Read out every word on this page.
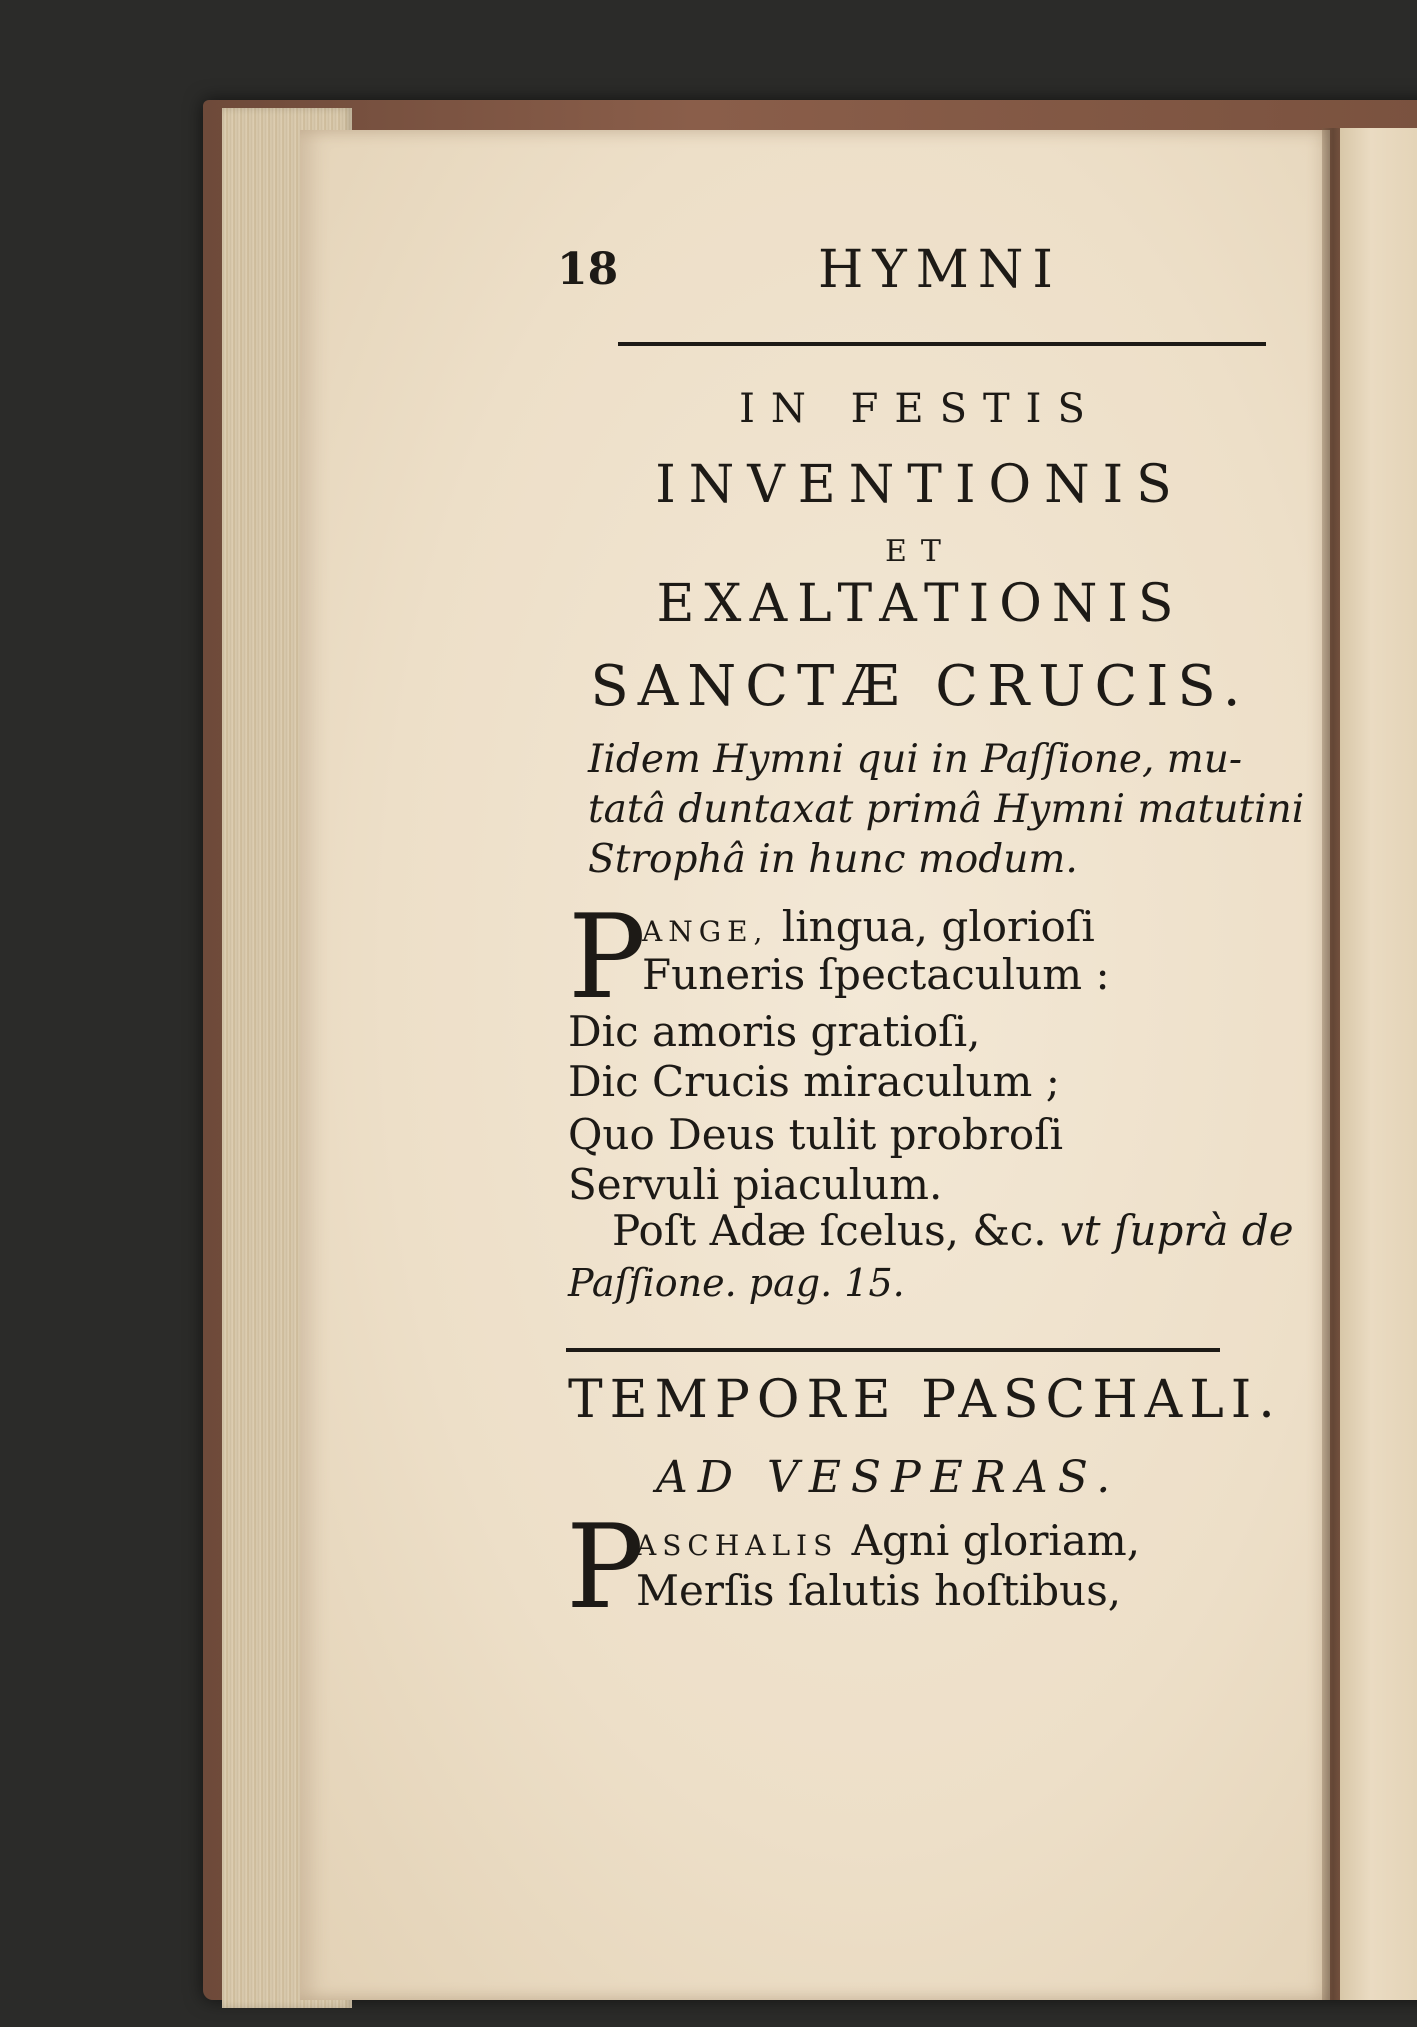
18	HYMNI
IN FESTIS
INVENTIONIS
ET
EXALTATIONIS
SANCTÆ CRUCIS.
Iidem Hymni qui in Paſſione, mu-
tatâ duntaxat primâ Hymni matutini
Strophâ in hunc modum.
P
ANGE, lingua, glorioſi
Funeris ſpectaculum :
Dic amoris gratioſi,
Dic Crucis miraculum ;
Quo Deus tulit probroſi
Servuli piaculum.
Poſt Adæ ſcelus, &c. vt ſuprà de
Paſſione. pag. 15.
TEMPORE PASCHALI.
AD VESPERAS.
P
ASCHALIS Agni gloriam,
Merſis ſalutis hoſtibus,
